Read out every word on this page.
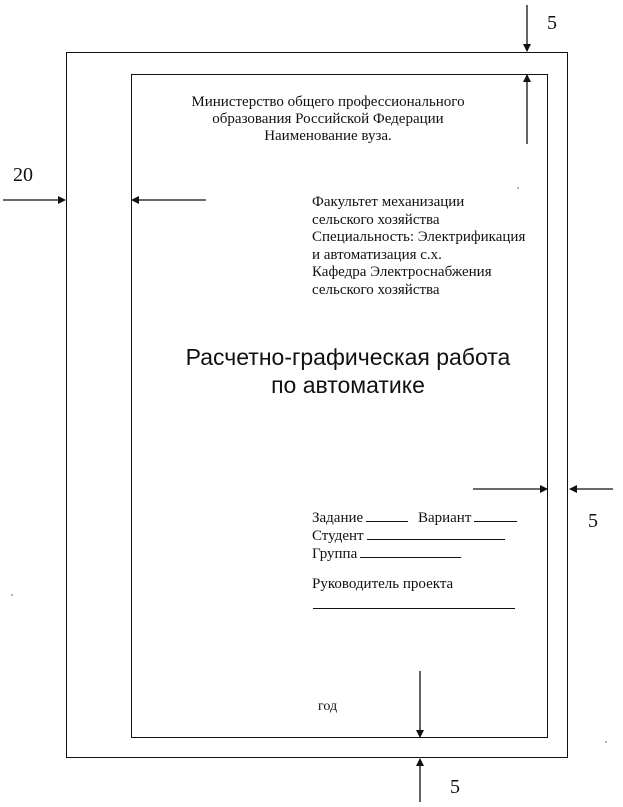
20
5
5
5
Министерство общего профессионального
образования Российской Федерации
Наименование вуза.
Факультет механизации
сельского хозяйства
Специальность: Электрификация
и автоматизация с.х.
Кафедра Электроснабжения
сельского хозяйства
Расчетно-графическая работа
по автоматике
Задание	Вариант
Студент
Группа
Руководитель проекта
год
